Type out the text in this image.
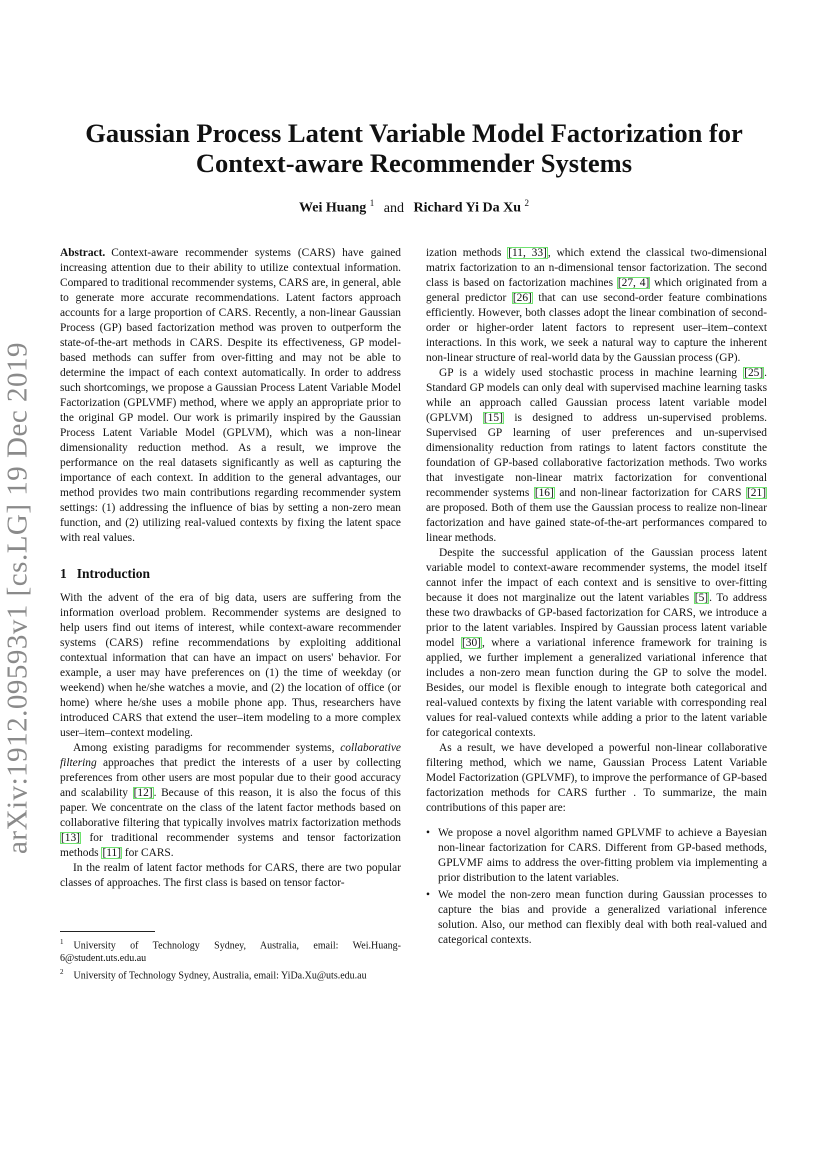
arXiv:1912.09593v1 [cs.LG] 19 Dec 2019
Gaussian Process Latent Variable Model Factorization for Context-aware Recommender Systems
Wei Huang $^1$ and Richard Yi Da Xu $^2$

Abstract. Context-aware recommender systems (CARS) have gained increasing attention due to their ability to utilize contextual information. Compared to traditional recommender systems, CARS are, in general, able to generate more accurate recommendations. Latent factors approach accounts for a large proportion of CARS. Recently, a non-linear Gaussian Process (GP) based factorization method was proven to outperform the state-of-the-art methods in CARS. Despite its effectiveness, GP model-based methods can suffer from over-fitting and may not be able to determine the impact of each context automatically. In order to address such shortcomings, we propose a Gaussian Process Latent Variable Model Factorization (GPLVMF) method, where we apply an appropriate prior to the original GP model. Our work is primarily inspired by the Gaussian Process Latent Variable Model (GPLVM), which was a non-linear dimensionality reduction method. As a result, we improve the performance on the real datasets significantly as well as capturing the importance of each context. In addition to the general advantages, our method provides two main contributions regarding recommender system settings: (1) addressing the influence of bias by setting a non-zero mean function, and (2) utilizing real-valued contexts by fixing the latent space with real values.

1 Introduction

With the advent of the era of big data, users are suffering from the information overload problem. Recommender systems are designed to help users find out items of interest, while context-aware recommender systems (CARS) refine recommendations by exploiting additional contextual information that can have an impact on users' behavior. For example, a user may have preferences on (1) the time of weekday (or weekend) when he/she watches a movie, and (2) the location of office (or home) where he/she uses a mobile phone app. Thus, researchers have introduced CARS that extend the user–item modeling to a more complex user–item–context modeling.

Among existing paradigms for recommender systems, collaborative filtering approaches that predict the interests of a user by collecting preferences from other users are most popular due to their good accuracy and scalability [12]. Because of this reason, it is also the focus of this paper. We concentrate on the class of the latent factor methods based on collaborative filtering that typically involves matrix factorization methods [13] for traditional recommender systems and tensor factorization methods [11] for CARS.

In the realm of latent factor methods for CARS, there are two popular classes of approaches. The first class is based on tensor factor-

$^1$ University of Technology Sydney, Australia, email: Wei.Huang-6@student.uts.edu.au

$^2$ University of Technology Sydney, Australia, email: YiDa.Xu@uts.edu.au

ization methods [11, 33], which extend the classical two-dimensional matrix factorization to an n-dimensional tensor factorization. The second class is based on factorization machines [27, 4] which originated from a general predictor [26] that can use second-order feature combinations efficiently. However, both classes adopt the linear combination of second-order or higher-order latent factors to represent user–item–context interactions. In this work, we seek a natural way to capture the inherent non-linear structure of real-world data by the Gaussian process (GP).

GP is a widely used stochastic process in machine learning [25]. Standard GP models can only deal with supervised machine learning tasks while an approach called Gaussian process latent variable model (GPLVM) [15] is designed to address un-supervised problems. Supervised GP learning of user preferences and un-supervised dimensionality reduction from ratings to latent factors constitute the foundation of GP-based collaborative factorization methods. Two works that investigate non-linear matrix factorization for conventional recommender systems [16] and non-linear factorization for CARS [21] are proposed. Both of them use the Gaussian process to realize non-linear factorization and have gained state-of-the-art performances compared to linear methods.

Despite the successful application of the Gaussian process latent variable model to context-aware recommender systems, the model itself cannot infer the impact of each context and is sensitive to over-fitting because it does not marginalize out the latent variables [5]. To address these two drawbacks of GP-based factorization for CARS, we introduce a prior to the latent variables. Inspired by Gaussian process latent variable model [30], where a variational inference framework for training is applied, we further implement a generalized variational inference that includes a non-zero mean function during the GP to solve the model. Besides, our model is flexible enough to integrate both categorical and real-valued contexts by fixing the latent variable with corresponding real values for real-valued contexts while adding a prior to the latent variable for categorical contexts.

As a result, we have developed a powerful non-linear collaborative filtering method, which we name, Gaussian Process Latent Variable Model Factorization (GPLVMF), to improve the performance of GP-based factorization methods for CARS further . To summarize, the main contributions of this paper are:

• We propose a novel algorithm named GPLVMF to achieve a Bayesian non-linear factorization for CARS. Different from GP-based methods, GPLVMF aims to address the over-fitting problem via implementing a prior distribution to the latent variables.
• We model the non-zero mean function during Gaussian processes to capture the bias and provide a generalized variational inference solution. Also, our method can flexibly deal with both real-valued and categorical contexts.
